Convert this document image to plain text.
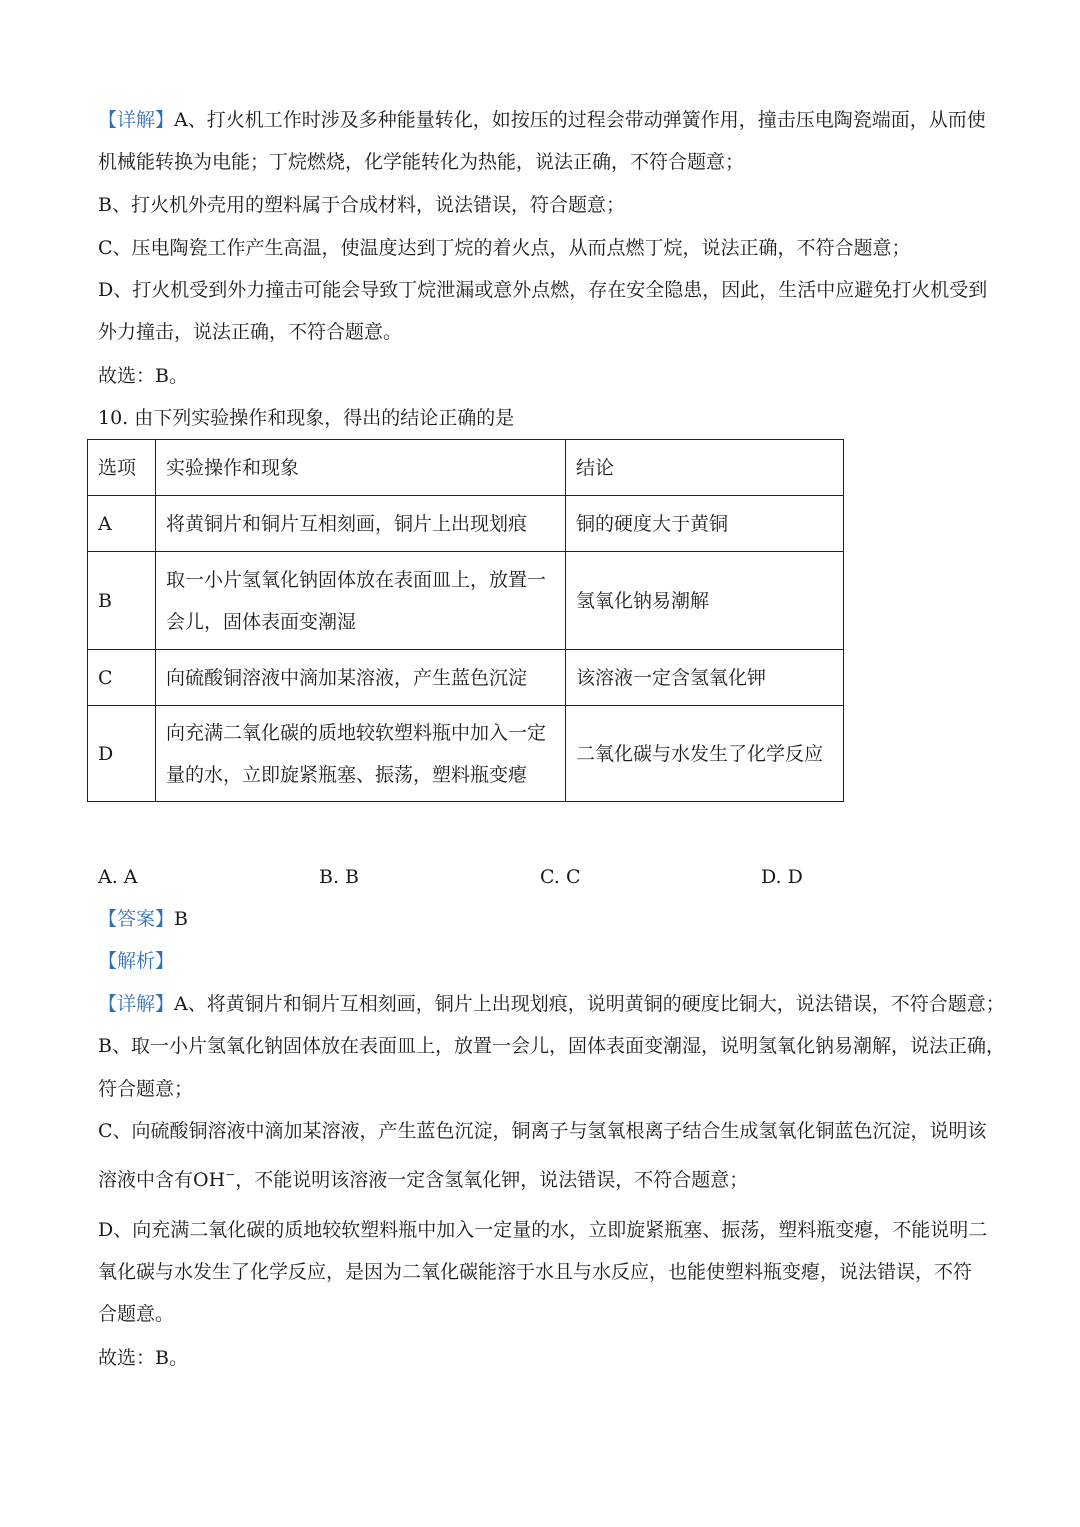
【详解】A、打火机工作时涉及多种能量转化，如按压的过程会带动弹簧作用，撞击压电陶瓷端面，从而使
机械能转换为电能；丁烷燃烧，化学能转化为热能，说法正确，不符合题意；
B、打火机外壳用的塑料属于合成材料，说法错误，符合题意；
C、压电陶瓷工作产生高温，使温度达到丁烷的着火点，从而点燃丁烷，说法正确，不符合题意；
D、打火机受到外力撞击可能会导致丁烷泄漏或意外点燃，存在安全隐患，因此，生活中应避免打火机受到
外力撞击，说法正确，不符合题意。
故选：B。
10. 由下列实验操作和现象，得出的结论正确的是
选项	实验操作和现象	结论
A	将黄铜片和铜片互相刻画，铜片上出现划痕	铜的硬度大于黄铜
B	取一小片氢氧化钠固体放在表面皿上，放置一
会儿，固体表面变潮湿	氢氧化钠易潮解
C	向硫酸铜溶液中滴加某溶液，产生蓝色沉淀	该溶液一定含氢氧化钾
D	向充满二氧化碳的质地较软塑料瓶中加入一定
量的水，立即旋紧瓶塞、振荡，塑料瓶变瘪	二氧化碳与水发生了化学反应
A. A	B. B	C. C	D. D
【答案】B
【解析】
【详解】A、将黄铜片和铜片互相刻画，铜片上出现划痕，说明黄铜的硬度比铜大，说法错误，不符合题意；
B、取一小片氢氧化钠固体放在表面皿上，放置一会儿，固体表面变潮湿，说明氢氧化钠易潮解，说法正确，
符合题意；
C、向硫酸铜溶液中滴加某溶液，产生蓝色沉淀，铜离子与氢氧根离子结合生成氢氧化铜蓝色沉淀，说明该
溶液中含有OH−，不能说明该溶液一定含氢氧化钾，说法错误，不符合题意；
D、向充满二氧化碳的质地较软塑料瓶中加入一定量的水，立即旋紧瓶塞、振荡，塑料瓶变瘪，不能说明二
氧化碳与水发生了化学反应，是因为二氧化碳能溶于水且与水反应，也能使塑料瓶变瘪，说法错误，不符
合题意。
故选：B。
